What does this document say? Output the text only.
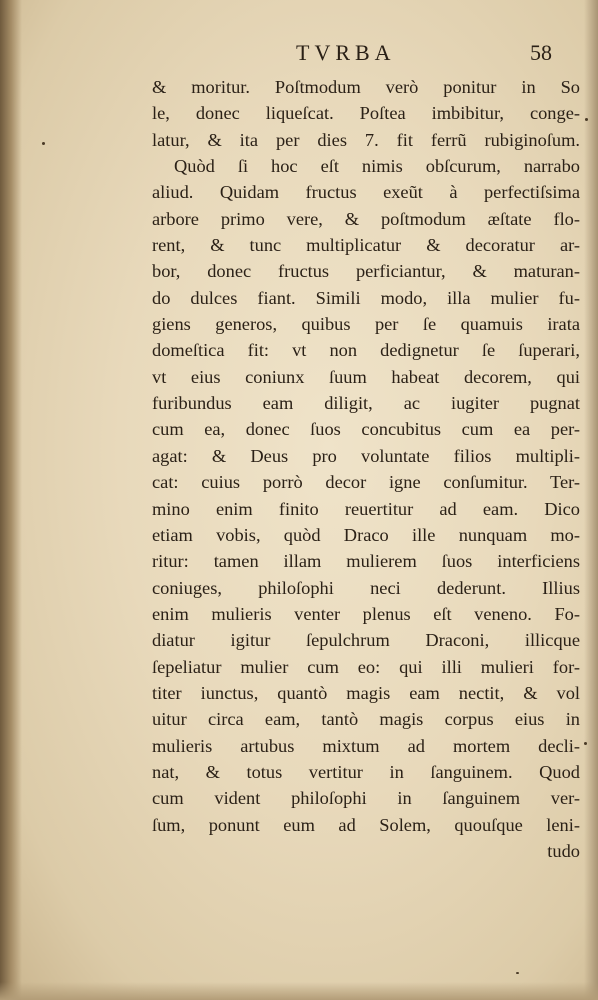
TVRBA	58
& moritur. Poſtmodum verò ponitur in So
le, donec liqueſcat. Poſtea imbibitur, conge-
latur, & ita per dies 7. fit ferrũ rubiginoſum.
Quòd ſi hoc eſt nimis obſcurum, narrabo
aliud. Quidam fructus exeũt à perfectiſsima
arbore primo vere, & poſtmodum æſtate flo-
rent, & tunc multiplicatur & decoratur ar-
bor, donec fructus perficiantur, & maturan-
do dulces fiant. Simili modo, illa mulier fu-
giens generos, quibus per ſe quamuis irata
domeſtica fit: vt non dedignetur ſe ſuperari,
vt eius coniunx ſuum habeat decorem, qui
furibundus eam diligit, ac iugiter pugnat
cum ea, donec ſuos concubitus cum ea per-
agat: & Deus pro voluntate filios multipli-
cat: cuius porrò decor igne conſumitur. Ter-
mino enim finito reuertitur ad eam. Dico
etiam vobis, quòd Draco ille nunquam mo-
ritur: tamen illam mulierem ſuos interficiens
coniuges, philoſophi neci dederunt. Illius
enim mulieris venter plenus eſt veneno. Fo-
diatur igitur ſepulchrum Draconi, illicque
ſepeliatur mulier cum eo: qui illi mulieri for-
titer iunctus, quantò magis eam nectit, & vol
uitur circa eam, tantò magis corpus eius in
mulieris artubus mixtum ad mortem decli-
nat, & totus vertitur in ſanguinem. Quod
cum vident philoſophi in ſanguinem ver-
ſum, ponunt eum ad Solem, quouſque leni-
tudo
